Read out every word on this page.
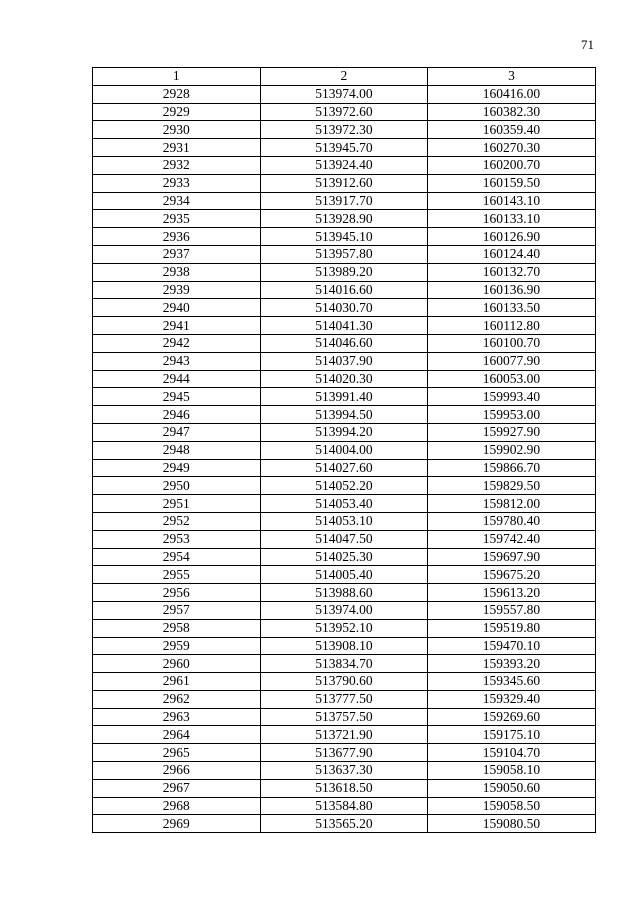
71
1	2	3
2928	513974.00	160416.00
2929	513972.60	160382.30
2930	513972.30	160359.40
2931	513945.70	160270.30
2932	513924.40	160200.70
2933	513912.60	160159.50
2934	513917.70	160143.10
2935	513928.90	160133.10
2936	513945.10	160126.90
2937	513957.80	160124.40
2938	513989.20	160132.70
2939	514016.60	160136.90
2940	514030.70	160133.50
2941	514041.30	160112.80
2942	514046.60	160100.70
2943	514037.90	160077.90
2944	514020.30	160053.00
2945	513991.40	159993.40
2946	513994.50	159953.00
2947	513994.20	159927.90
2948	514004.00	159902.90
2949	514027.60	159866.70
2950	514052.20	159829.50
2951	514053.40	159812.00
2952	514053.10	159780.40
2953	514047.50	159742.40
2954	514025.30	159697.90
2955	514005.40	159675.20
2956	513988.60	159613.20
2957	513974.00	159557.80
2958	513952.10	159519.80
2959	513908.10	159470.10
2960	513834.70	159393.20
2961	513790.60	159345.60
2962	513777.50	159329.40
2963	513757.50	159269.60
2964	513721.90	159175.10
2965	513677.90	159104.70
2966	513637.30	159058.10
2967	513618.50	159050.60
2968	513584.80	159058.50
2969	513565.20	159080.50
